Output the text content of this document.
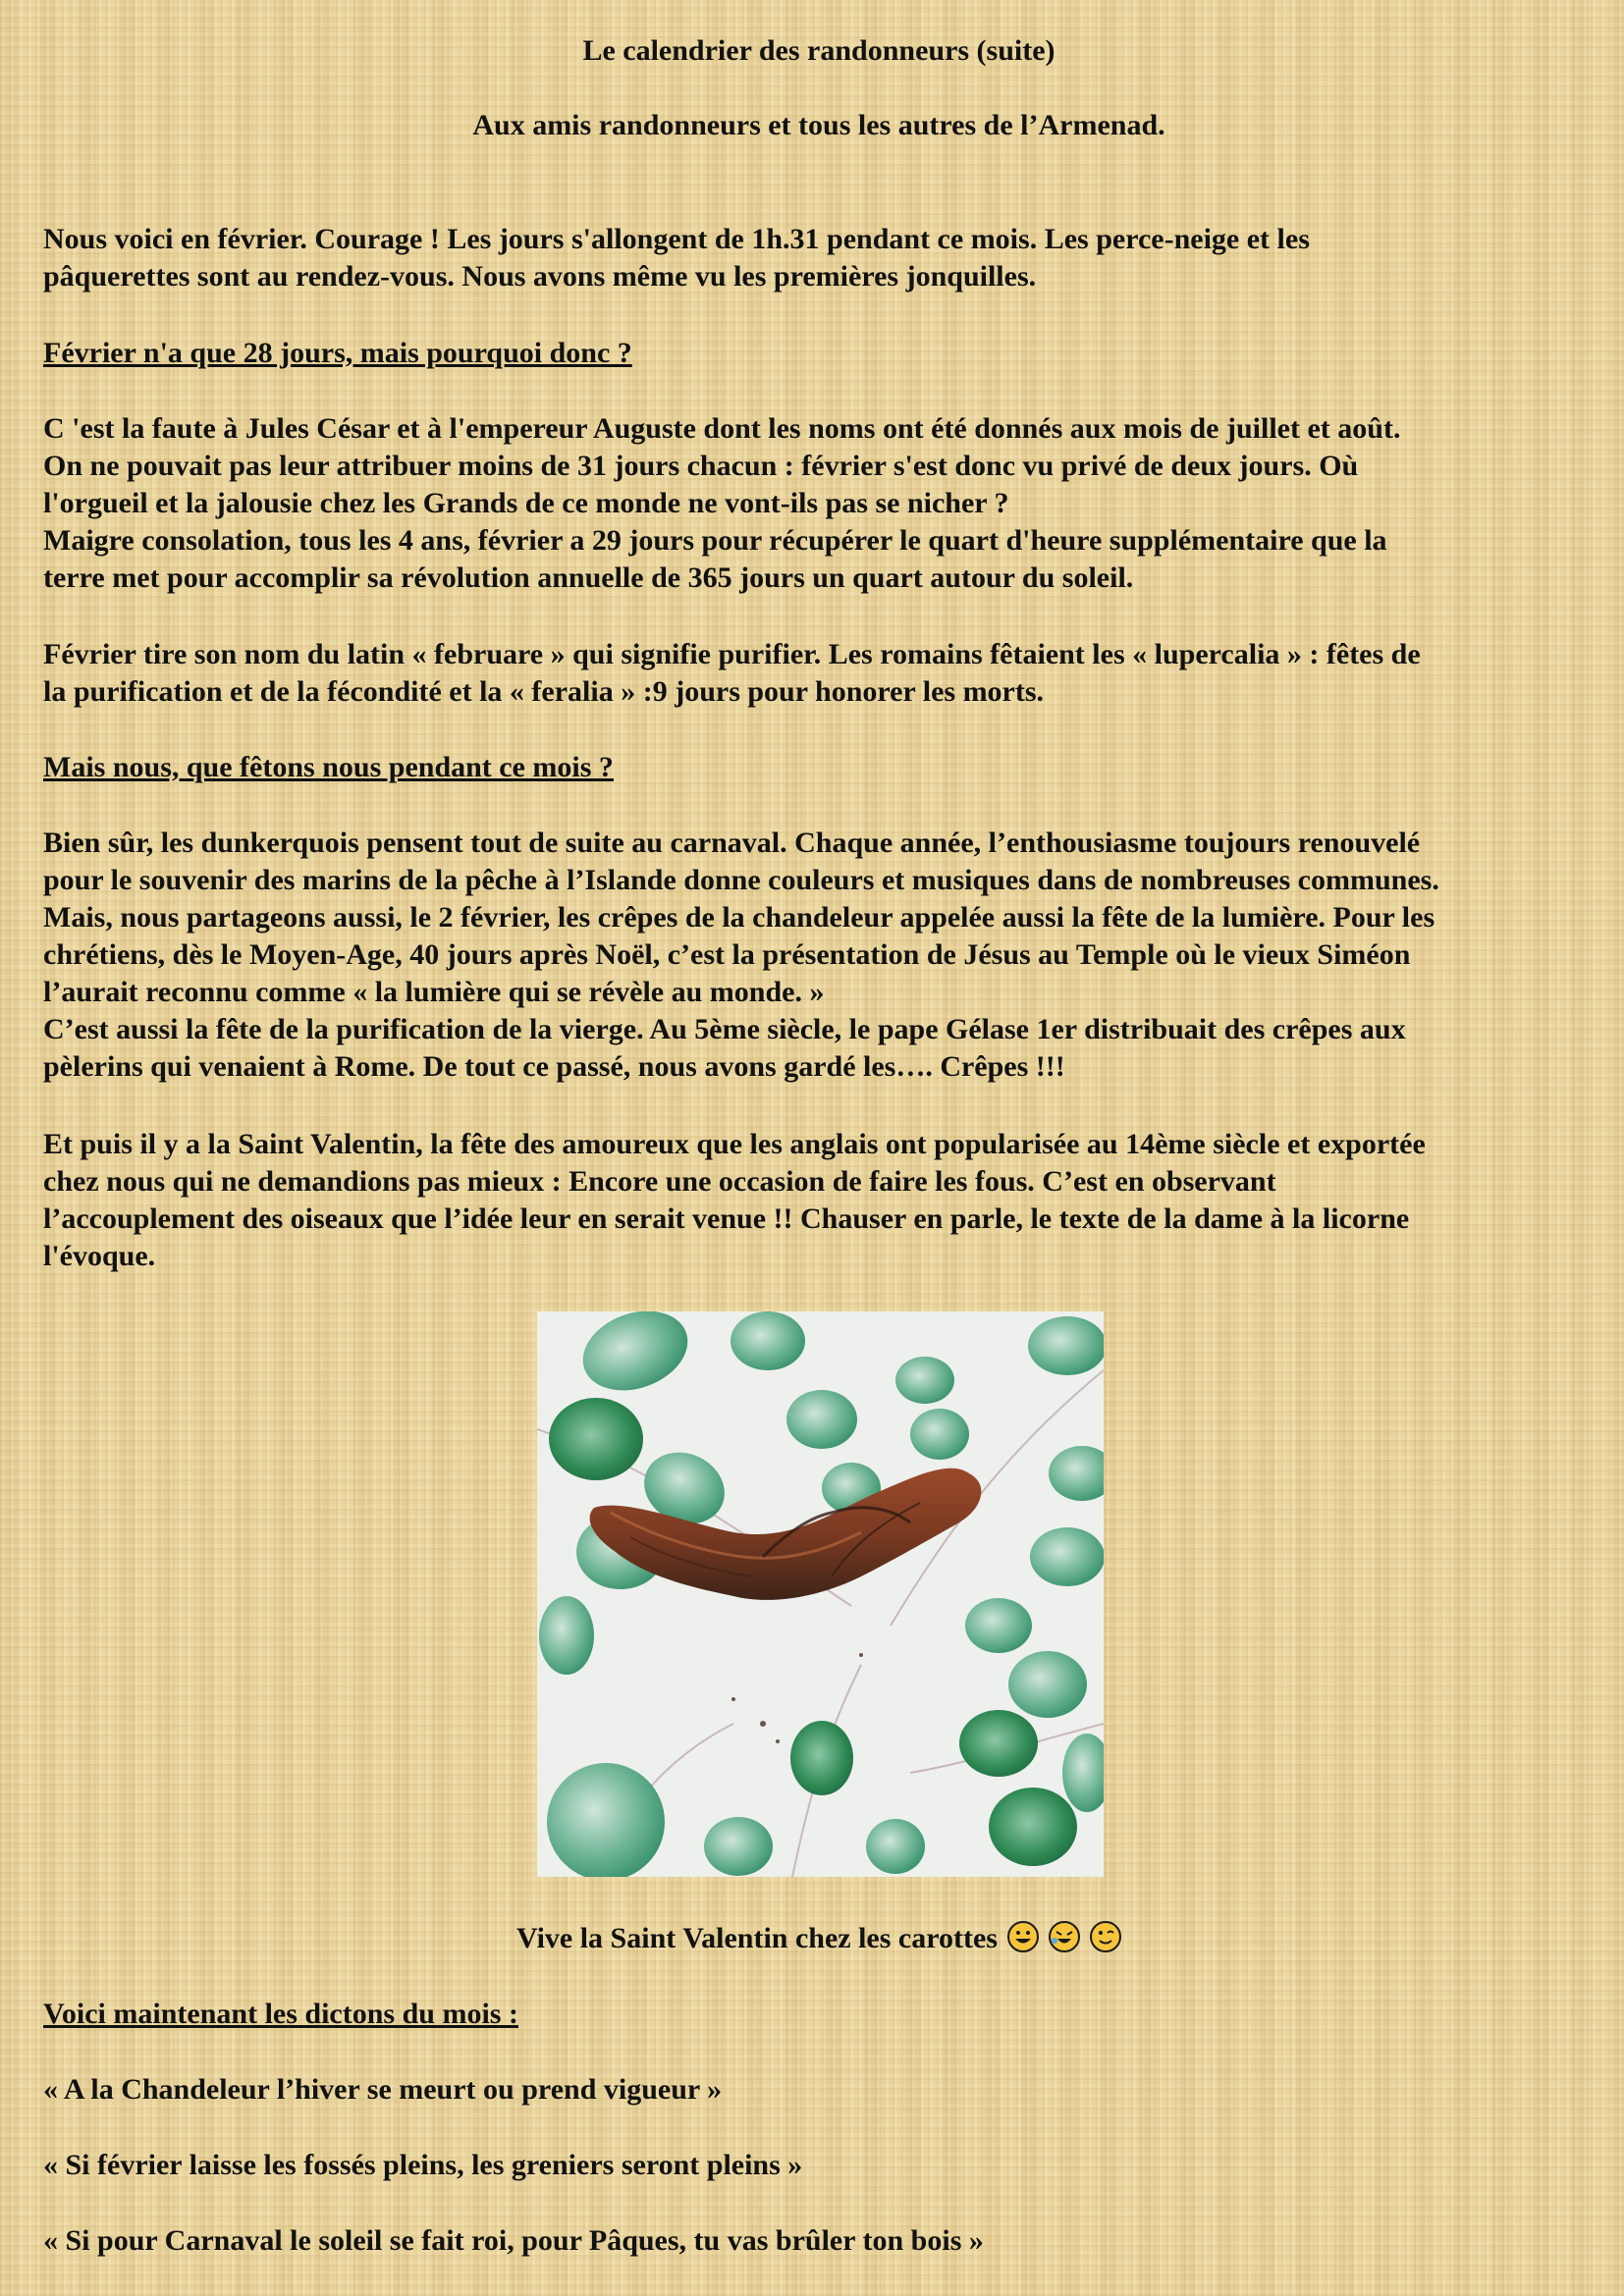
Le calendrier des randonneurs (suite)
Aux amis randonneurs et tous les autres de l’Armenad.

Nous voici en février. Courage ! Les jours s'allongent de 1h.31 pendant ce mois. Les perce-neige et les

pâquerettes sont au rendez-vous. Nous avons même vu les premières jonquilles.

Février n'a que 28 jours, mais pourquoi donc ?

C 'est la faute à Jules César et à l'empereur Auguste dont les noms ont été donnés aux mois de juillet et août.

On ne pouvait pas leur attribuer moins de 31 jours chacun : février s'est donc vu privé de deux jours. Où

l'orgueil et la jalousie chez les Grands de ce monde ne vont-ils pas se nicher ?

Maigre consolation, tous les 4 ans, février a 29 jours pour récupérer le quart d'heure supplémentaire que la

terre met pour accomplir sa révolution annuelle de 365 jours un quart autour du soleil.

Février tire son nom du latin « februare » qui signifie purifier. Les romains fêtaient les « lupercalia » : fêtes de

la purification et de la fécondité et la « feralia » :9 jours pour honorer les morts.

Mais nous, que fêtons nous pendant ce mois ?

Bien sûr, les dunkerquois pensent tout de suite au carnaval. Chaque année, l’enthousiasme toujours renouvelé

pour le souvenir des marins de la pêche à l’Islande donne couleurs et musiques dans de nombreuses communes.

Mais, nous partageons aussi, le 2 février, les crêpes de la chandeleur appelée aussi la fête de la lumière. Pour les

chrétiens, dès le Moyen-Age, 40 jours après Noël, c’est la présentation de Jésus au Temple où le vieux Siméon

l’aurait reconnu comme « la lumière qui se révèle au monde. »

C’est aussi la fête de la purification de la vierge. Au 5ème siècle, le pape Gélase 1er distribuait des crêpes aux

pèlerins qui venaient à Rome. De tout ce passé, nous avons gardé les…. Crêpes !!!

Et puis il y a la Saint Valentin, la fête des amoureux que les anglais ont popularisée au 14ème siècle et exportée

chez nous qui ne demandions pas mieux : Encore une occasion de faire les fous. C’est en observant

l’accouplement des oiseaux que l’idée leur en serait venue !! Chauser en parle, le texte de la dame à la licorne

l'évoque.

Vive la Saint Valentin chez les carottes
Voici maintenant les dictons du mois :
« A la Chandeleur l’hiver se meurt ou prend vigueur »
« Si février laisse les fossés pleins, les greniers seront pleins »
« Si pour Carnaval le soleil se fait roi, pour Pâques, tu vas brûler ton bois »
